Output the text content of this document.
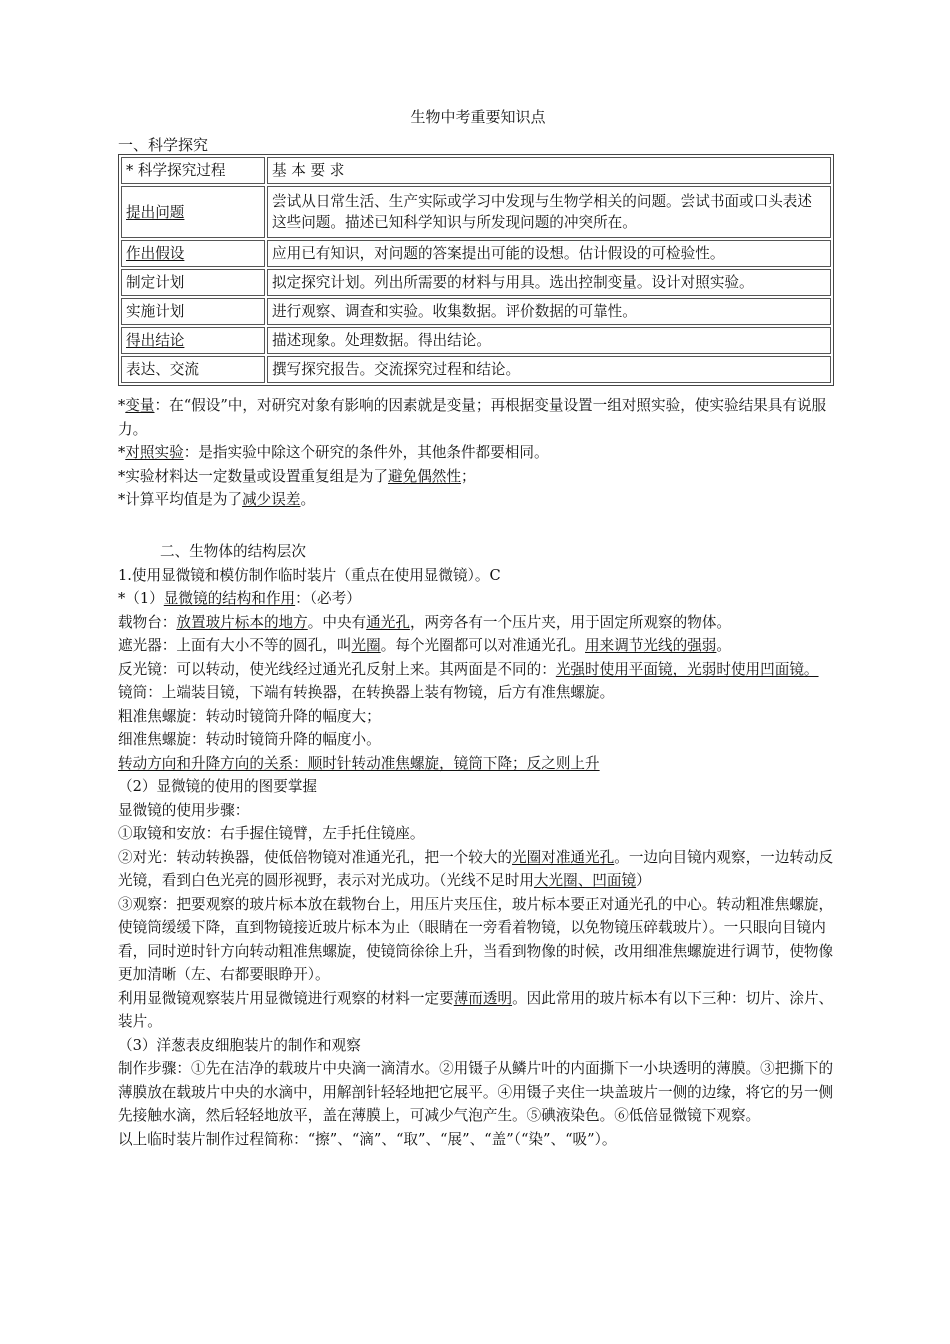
生物中考重要知识点
一、科学探究
* 科学探究过程	基 本 要 求
提出问题	尝试从日常生活、生产实际或学习中发现与生物学相关的问题。尝试书面或口头表述这些问题。描述已知科学知识与所发现问题的冲突所在。
作出假设	应用已有知识，对问题的答案提出可能的设想。估计假设的可检验性。
制定计划	拟定探究计划。列出所需要的材料与用具。选出控制变量。设计对照实验。
实施计划	进行观察、调查和实验。收集数据。评价数据的可靠性。
得出结论	描述现象。处理数据。得出结论。
表达、交流	撰写探究报告。交流探究过程和结论。

*变量：在“假设”中，对研究对象有影响的因素就是变量；再根据变量设置一组对照实验，使实验结果具有说服力。

*对照实验：是指实验中除这个研究的条件外，其他条件都要相同。

*实验材料达一定数量或设置重复组是为了避免偶然性；

*计算平均值是为了减少误差。

二、生物体的结构层次

1.使用显微镜和模仿制作临时装片（重点在使用显微镜）。C

*（1）显微镜的结构和作用：（必考）

载物台：放置玻片标本的地方。中央有通光孔，两旁各有一个压片夹，用于固定所观察的物体。

遮光器：上面有大小不等的圆孔，叫光圈。每个光圈都可以对准通光孔。用来调节光线的强弱。

反光镜：可以转动，使光线经过通光孔反射上来。其两面是不同的：光强时使用平面镜，光弱时使用凹面镜。

镜筒：上端装目镜，下端有转换器，在转换器上装有物镜，后方有准焦螺旋。

粗准焦螺旋：转动时镜筒升降的幅度大；

细准焦螺旋：转动时镜筒升降的幅度小。

转动方向和升降方向的关系：顺时针转动准焦螺旋，镜筒下降；反之则上升

（2）显微镜的使用的图要掌握

显微镜的使用步骤：

①取镜和安放：右手握住镜臂，左手托住镜座。

②对光：转动转换器，使低倍物镜对准通光孔，把一个较大的光圈对准通光孔。一边向目镜内观察，一边转动反光镜，看到白色光亮的圆形视野，表示对光成功。（光线不足时用大光圈、凹面镜）

③观察：把要观察的玻片标本放在载物台上，用压片夹压住，玻片标本要正对通光孔的中心。转动粗准焦螺旋，使镜筒缓缓下降，直到物镜接近玻片标本为止（眼睛在一旁看着物镜，以免物镜压碎载玻片）。一只眼向目镜内看，同时逆时针方向转动粗准焦螺旋，使镜筒徐徐上升，当看到物像的时候，改用细准焦螺旋进行调节，使物像更加清晰（左、右都要眼睁开）。

利用显微镜观察装片用显微镜进行观察的材料一定要薄而透明。因此常用的玻片标本有以下三种：切片、涂片、装片。

（3）洋葱表皮细胞装片的制作和观察

制作步骤：①先在洁净的载玻片中央滴一滴清水。②用镊子从鳞片叶的内面撕下一小块透明的薄膜。③把撕下的薄膜放在载玻片中央的水滴中，用解剖针轻轻地把它展平。④用镊子夹住一块盖玻片一侧的边缘，将它的另一侧先接触水滴，然后轻轻地放平，盖在薄膜上，可减少气泡产生。⑤碘液染色。⑥低倍显微镜下观察。

以上临时装片制作过程简称：“擦”、“滴”、“取”、“展”、“盖”（“染”、“吸”）。
